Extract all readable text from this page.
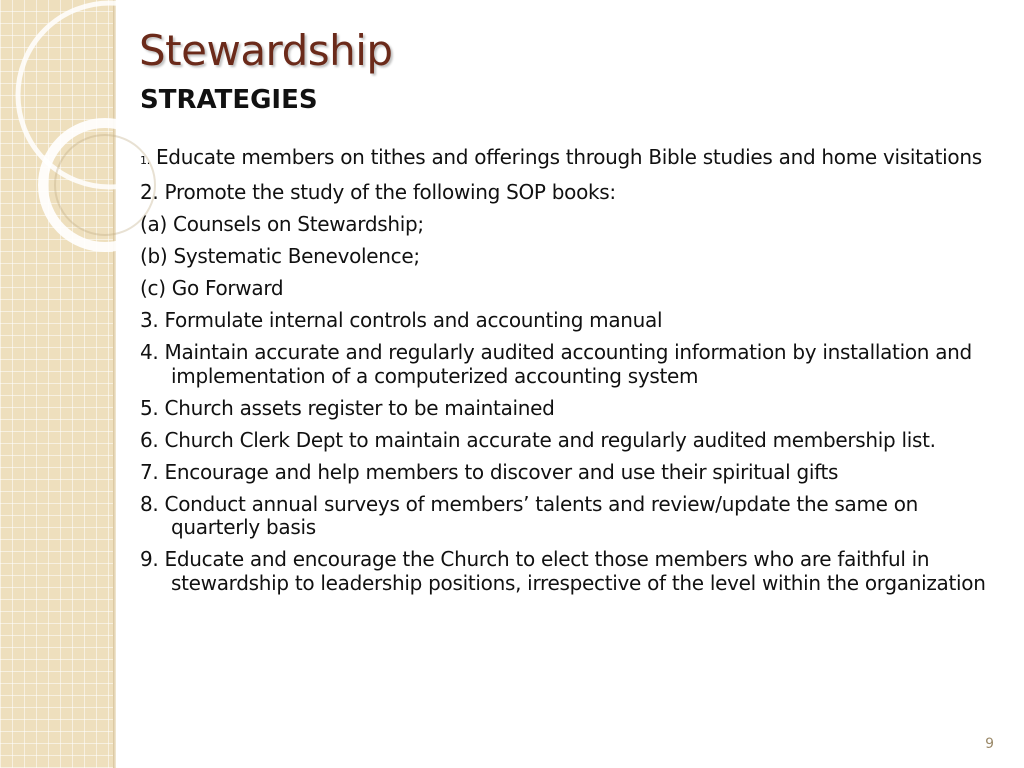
Stewardship
STRATEGIES
1. Educate members on tithes and offerings through Bible studies and home visitations
2. Promote the study of the following SOP books:
(a) Counsels on Stewardship;
(b) Systematic Benevolence;
(c) Go Forward
3. Formulate internal controls and accounting manual
4. Maintain accurate and regularly audited accounting information by installation and implementation of a computerized accounting system
5. Church assets register to be maintained
6. Church Clerk Dept to maintain accurate and regularly audited membership list.
7. Encourage and help members to discover and use their spiritual gifts
8. Conduct annual surveys of members’ talents and review/update the same on quarterly basis
9. Educate and encourage the Church to elect those members who are faithful in stewardship to leadership positions, irrespective of the level within the organization
9
